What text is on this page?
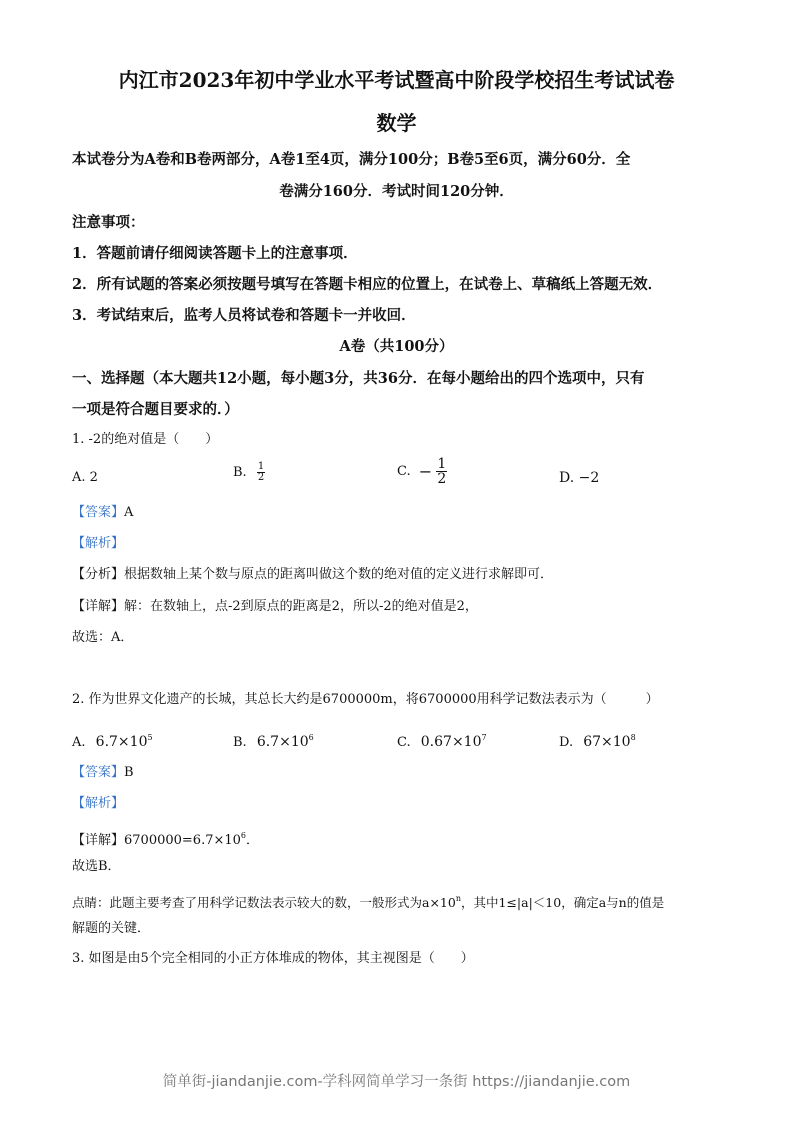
内江市2023年初中学业水平考试暨高中阶段学校招生考试试卷
数学
本试卷分为A卷和B卷两部分，A卷1至4页，满分100分；B卷5至6页，满分60分．全
卷满分160分．考试时间120分钟．
注意事项：
1．答题前请仔细阅读答题卡上的注意事项．
2．所有试题的答案必须按题号填写在答题卡相应的位置上，在试卷上、草稿纸上答题无效．
3．考试结束后，监考人员将试卷和答题卡一并收回．
A卷（共100分）
一、选择题（本大题共12小题，每小题3分，共36分．在每小题给出的四个选项中，只有
一项是符合题目要求的．）
1. -2的绝对值是（　　）
A. 2	B. $\frac{1}{2}$	C. − $\frac{1}{2}$	D. −2
【答案】A
【解析】
【分析】根据数轴上某个数与原点的距离叫做这个数的绝对值的定义进行求解即可．
【详解】解：在数轴上，点-2到原点的距离是2，所以-2的绝对值是2，
故选：A．
2. 作为世界文化遗产的长城，其总长大约是6700000m，将6700000用科学记数法表示为（　　　）
A. $6.7\times 10^5$	B. $6.7\times 10^6$	C. $0.67\times 10^7$	D. $67\times 10^8$
【答案】B
【解析】
【详解】$6700000=6.7\times 10^6$．
故选B．
点睛：此题主要考查了用科学记数法表示较大的数，一般形式为$a\times 10^n$，其中1≤|a|＜10，确定a与n的值是
解题的关键．
3. 如图是由5个完全相同的小正方体堆成的物体，其主视图是（　　）
简单街-jiandanjie.com-学科网简单学习一条街 https://jiandanjie.com
